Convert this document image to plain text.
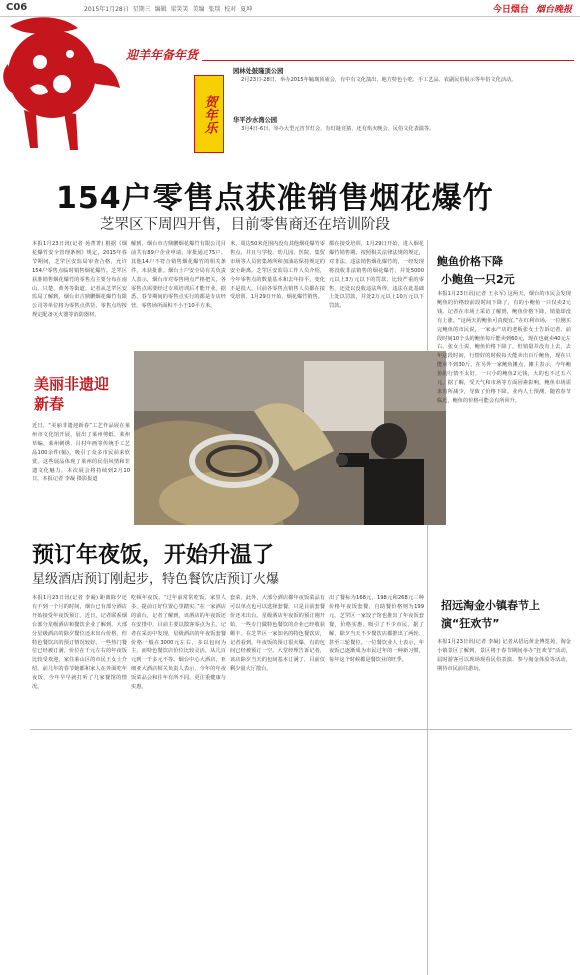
C06	2015年1月28日 星期三 编辑 梁笑笑 美编 张琰 校对 夏坤	今日烟台 烟台晚报
迎羊年备年货
贺年乐
园林处鼓隆顶公园
2月23日-28日，举办2015年毓璜顶庙会，有中有文化演出、地方特色小吃、手工艺品、农副民俗展示等年俗文化活动。
华平沙水湾公园
3月4日-6日，举办大型元宵节灯会，有灯谜竞猜、还有焰火晚会、民俗文化表演等。
154户零售点获准销售烟花爆竹
芝罘区下周四开售，目前零售商还在培训阶段
本报1月23日讯(记者 苑菁菁) 根据《烟花爆竹安全管理条例》规定，2015年春节期间，芝罘区安监局审查合格，允许154户零售点临时销售烟花爆竹。芝罘区获准销售烟花爆竹的零售点主要分布在南山、只楚、黄务等街道。记者从芝罘区安监局了解到，烟台市吉鼎鹏烟花爆竹有限公司等单位将为零售点供货，零售点均按规定配备灭火器等消防器材。
解到，烟台市吉鼎鹏烟花爆竹有限公司目前共有89户企业申请，审批通过75户。其他14户不符合销售烟花爆竹的相关条件，未获批准。烟台士户安全局有关负责人表示，烟台市对零售网点严格把关，各零售点需要经过专项培训后才能开业。据悉，春节期间的零售点实行的都是专店经营，零售场所面积不小于10平方米。
米，周边50米范围内没有其他烟花爆竹零售点，并且与学校、幼儿园、医院、集贸市场等人员密集场所和加油站保持规定的安全距离。芝罘区安监局工作人员介绍，今年零售点的数量基本和去年持平，变化不是很大。目前各零售点销售人员都在接受培训，1月29日开始，烟花爆竹销售。
都在接受培训，1月29日开始，进入烟花爆竹销售期。按照相关法律法规的规定，对非法、违法销售烟花爆竹的，一经发现将没收非法销售的烟花爆竹，并处5000元以上3万元以下的罚款，比较严重的零售，还处以没收违法所得，违法在此基础上处以罚款，并处2万元以上10万元以下罚款。
美丽非遗迎新春
近日，“美丽非遗迎新春”工艺作品展在莱州市文化馆开展，展出了莱州剪纸、莱州草编、莱州刺绣、吕村年画等传统手工艺品100余件(幅)，吸引了众多市民前来欣赏。这些展品体现了莱州的民俗风情和非遗文化魅力。本次展会将持续到2月10日。本报记者 李凝 摄影报道
预订年夜饭，开始升温了
星级酒店预订刚起步，特色餐饮店预订火爆
本报1月23日讯(记者 李凝) 距离除夕还有不到一个月的时间，烟台已有部分酒店开始接受年夜饭预订。近日，记者联系烟台部分星级酒店和餐饮企业了解到，大部分星级酒店的除夕餐位还未出台价格，但特色餐饮店的预订情况较好，一些热门餐位已经被订满，价位在千元左右的年夜饭比较受欢迎。家住莱山区的市民王女士介绍，前几年的春节她都和家人在外面吃年夜饭，今年早早就打听了几家餐馆的情况。
吃顿年夜饭。“过年前常常吃饭，家里人多，提前订好位置心里踏实。”在一家酒店的前台，记者了解到，该酒店的年夜饭还在安排中，目前主要以散客零点为主。记者在采访中发现，星级酒店的年夜饭套餐价格一般在3000元左右，多以包间为主，而特色餐饮店价位比较灵活，从几百元到一千多元不等。烟台中心大酒店、亚细亚大酒店相关负责人表示，今年的年夜饭菜品会和往年有所不同，更注重健康与实惠。
套菜，此外，大部分酒店都年夜饭菜品有可以单点也可以选择套餐，只是目前套餐价还未出台。星级酒店年夜饭的预订刚开始，一些专门做特色餐饮的企业已经收获颇丰。在芝罘区一家知名的特色餐饮店，记者看到，年夜饭的预订很火爆，有的包间已经被预订一空。大堂经理告诉记者，该店除夕当天的包间基本订满了，目前仅剩少量大厅散台。
出了餐标为168元、198元和268元三种价格年夜饭套餐，自助餐价格则为199元，芝罘区一家饺子馆也推出了年夜饭套餐，价格实惠，吸引了不少市民。据了解，除夕当天不少餐饮店都推出了两轮、甚至三轮餐位。一位餐饮业人士表示，年夜饭已逐渐成为市民过年的一种新习惯，每年这个时候都是餐饮业的旺季。
鲍鱼价格下降
小鲍鱼一只2元
本报1月23日讯(记者 王永军) 这两天，烟台的市民会发现鲍鱼的价格较前段时间下降了，有的小鲍鱼一只仅卖2元钱。记者在市场上采访了解到，鲍鱼价格下降，销量却没有上涨。“这两天的鲍鱼可真便宜。”在红利市场，一位刚买完鲍鱼的市民说，一家水产店的老板张女士告诉记者，前段时间10个头的鲍鱼每斤能卖到60元，现在也就卖40元左右。张女士说，鲍鱼价格下降了，但销量并没有上去，去年这段时间，行情好的时候每天能卖出百斤鲍鱼，现在只能卖不到30斤。在另外一家鲍鱼摊点，摊主表示，今年鲍鱼的行情不太好，一只小的鲍鱼2元钱，大的也不过五六元。据了解，受天气和市场等方面因素影响，鲍鱼市场需求有所减少，导致了价格下降。业内人士预测，随着春节临近，鲍鱼的价格可能会有所回升。
招远淘金小镇春节上演“狂欢节”
本报1月23日讯(记者 李凝) 记者从招远黄金博览苑、淘金小镇景区了解到，景区将于春节期间举办“狂欢节”活动，届时游客可以现场观看民俗表演、参与淘金体验等活动，期待市民前往游玩。
